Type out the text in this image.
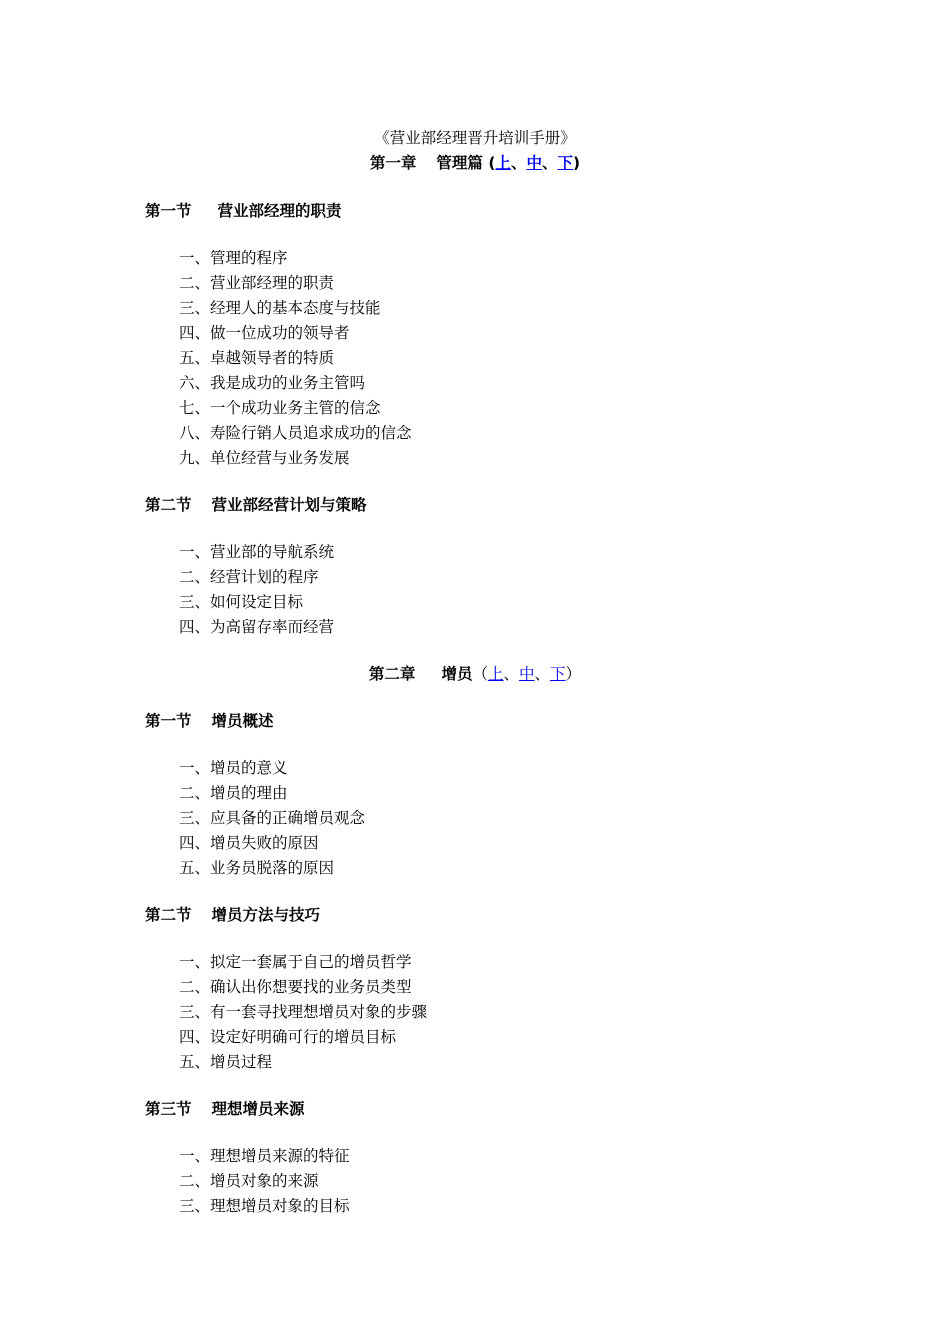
《营业部经理晋升培训手册》
第一章 管理篇 (上、中、下)
第一节 营业部经理的职责
一、管理的程序
二、营业部经理的职责
三、经理人的基本态度与技能
四、做一位成功的领导者
五、卓越领导者的特质
六、我是成功的业务主管吗
七、一个成功业务主管的信念
八、寿险行销人员追求成功的信念
九、单位经营与业务发展
第二节 营业部经营计划与策略
一、营业部的导航系统
二、经营计划的程序
三、如何设定目标
四、为高留存率而经营
第二章 增员（上、中、下）
第一节 增员概述
一、增员的意义
二、增员的理由
三、应具备的正确增员观念
四、增员失败的原因
五、业务员脱落的原因
第二节 增员方法与技巧
一、拟定一套属于自己的增员哲学
二、确认出你想要找的业务员类型
三、有一套寻找理想增员对象的步骤
四、设定好明确可行的增员目标
五、增员过程
第三节 理想增员来源
一、理想增员来源的特征
二、增员对象的来源
三、理想增员对象的目标
